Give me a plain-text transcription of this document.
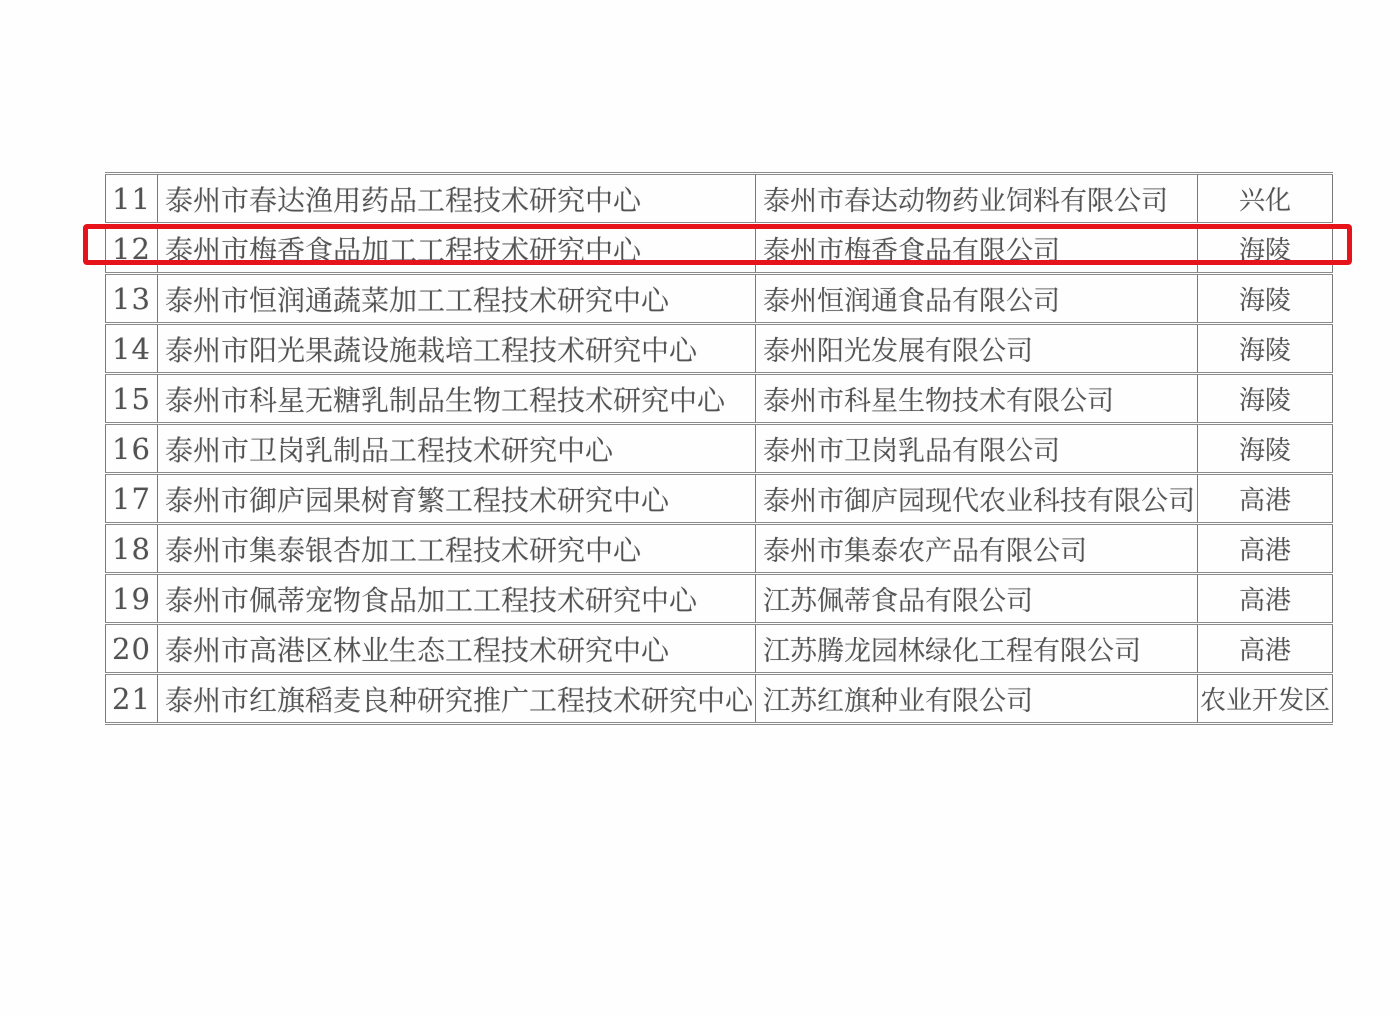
11	泰州市春达渔用药品工程技术研究中心	泰州市春达动物药业饲料有限公司	兴化
12	泰州市梅香食品加工工程技术研究中心	泰州市梅香食品有限公司	海陵
13	泰州市恒润通蔬菜加工工程技术研究中心	泰州恒润通食品有限公司	海陵
14	泰州市阳光果蔬设施栽培工程技术研究中心	泰州阳光发展有限公司	海陵
15	泰州市科星无糖乳制品生物工程技术研究中心	泰州市科星生物技术有限公司	海陵
16	泰州市卫岗乳制品工程技术研究中心	泰州市卫岗乳品有限公司	海陵
17	泰州市御庐园果树育繁工程技术研究中心	泰州市御庐园现代农业科技有限公司	高港
18	泰州市集泰银杏加工工程技术研究中心	泰州市集泰农产品有限公司	高港
19	泰州市佩蒂宠物食品加工工程技术研究中心	江苏佩蒂食品有限公司	高港
20	泰州市高港区林业生态工程技术研究中心	江苏腾龙园林绿化工程有限公司	高港
21	泰州市红旗稻麦良种研究推广工程技术研究中心	江苏红旗种业有限公司	农业开发区
